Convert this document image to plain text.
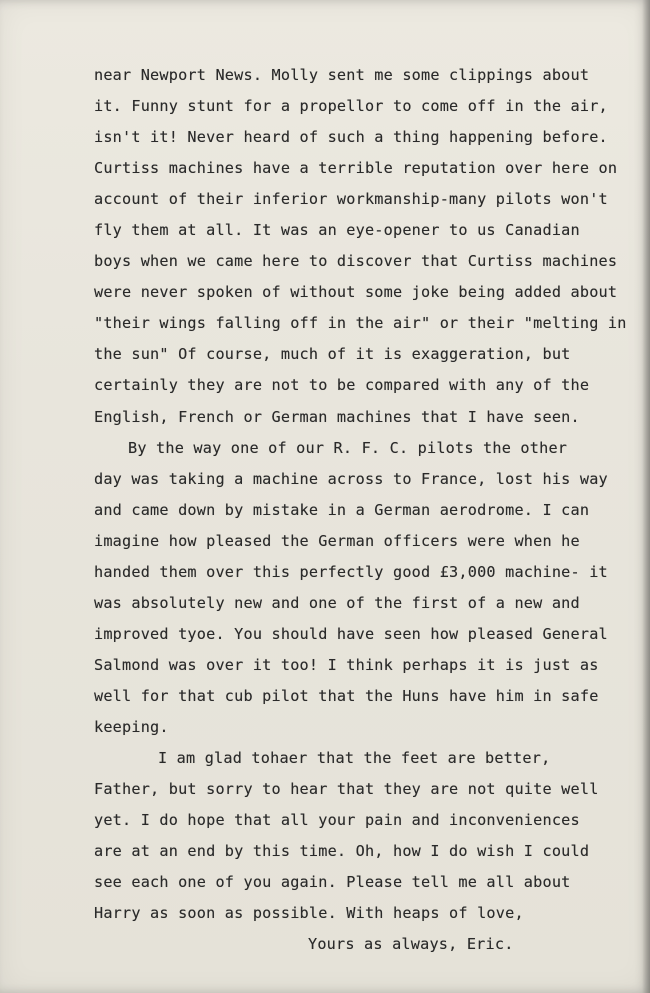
near Newport News. Molly sent me some clippings about
it. Funny stunt for a propellor to come off in the air,
isn't it! Never heard of such a thing happening before.
Curtiss machines have a terrible reputation over here on
account of their inferior workmanship-many pilots won't
fly them at all. It was an eye-opener to us Canadian
boys when we came here to discover that Curtiss machines
were never spoken of without some joke being added about
"their wings falling off in the air" or their "melting in
the sun" Of course, much of it is exaggeration, but
certainly they are not to be compared with any of the
English, French or German machines that I have seen.
By the way one of our R. F. C. pilots the other
day was taking a machine across to France, lost his way
and came down by mistake in a German aerodrome. I can
imagine how pleased the German officers were when he
handed them over this perfectly good £3,000 machine- it
was absolutely new and one of the first of a new and
improved tyoe. You should have seen how pleased General
Salmond was over it too! I think perhaps it is just as
well for that cub pilot that the Huns have him in safe
keeping.
I am glad tohaer that the feet are better,
Father, but sorry to hear that they are not quite well
yet. I do hope that all your pain and inconveniences
are at an end by this time. Oh, how I do wish I could
see each one of you again. Please tell me all about
Harry as soon as possible. With heaps of love,
Yours as always, Eric.
